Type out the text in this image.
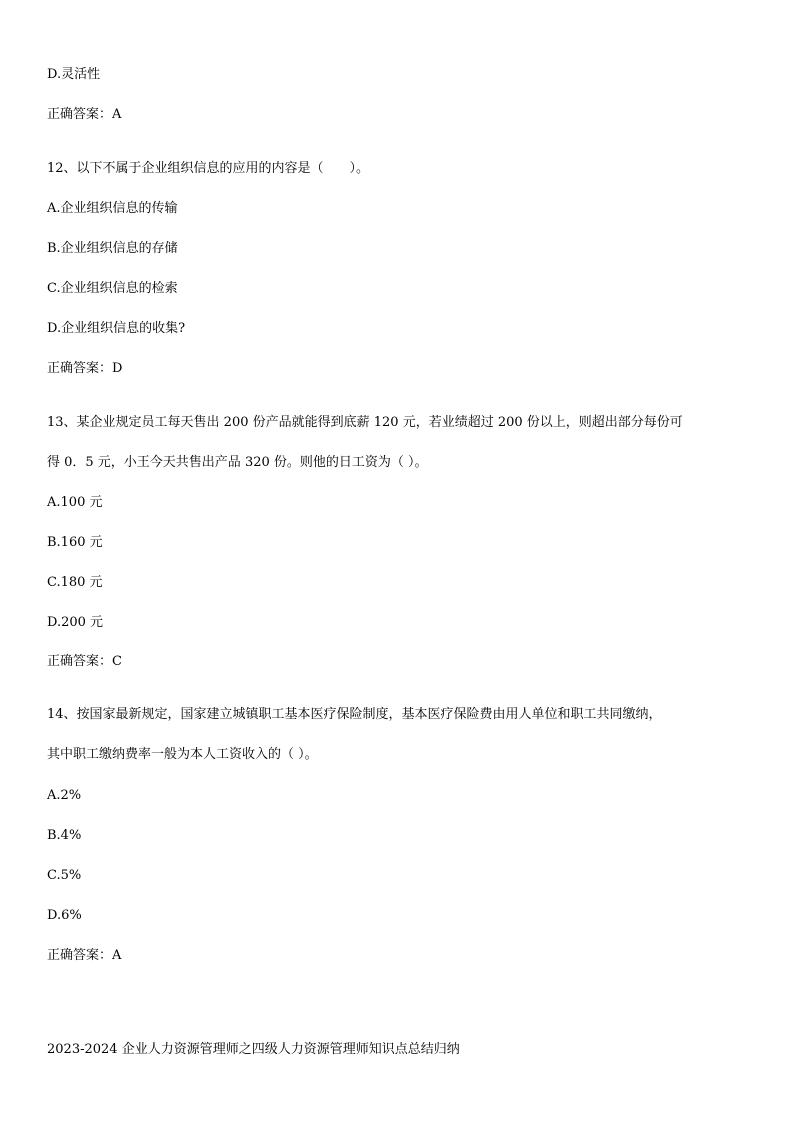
D.灵活性
正确答案：A
12、以下不属于企业组织信息的应用的内容是（　　）。
A.企业组织信息的传输
B.企业组织信息的存储
C.企业组织信息的检索
D.企业组织信息的收集?
正确答案：D
13、某企业规定员工每天售出 200 份产品就能得到底薪 120 元，若业绩超过 200 份以上，则超出部分每份可
得 0．5 元，小王今天共售出产品 320 份。则他的日工资为（ ）。
A.100 元
B.160 元
C.180 元
D.200 元
正确答案：C
14、按国家最新规定，国家建立城镇职工基本医疗保险制度，基本医疗保险费由用人单位和职工共同缴纳，
其中职工缴纳费率一般为本人工资收入的（ ）。
A.2%
B.4%
C.5%
D.6%
正确答案：A
2023-2024 企业人力资源管理师之四级人力资源管理师知识点总结归纳
